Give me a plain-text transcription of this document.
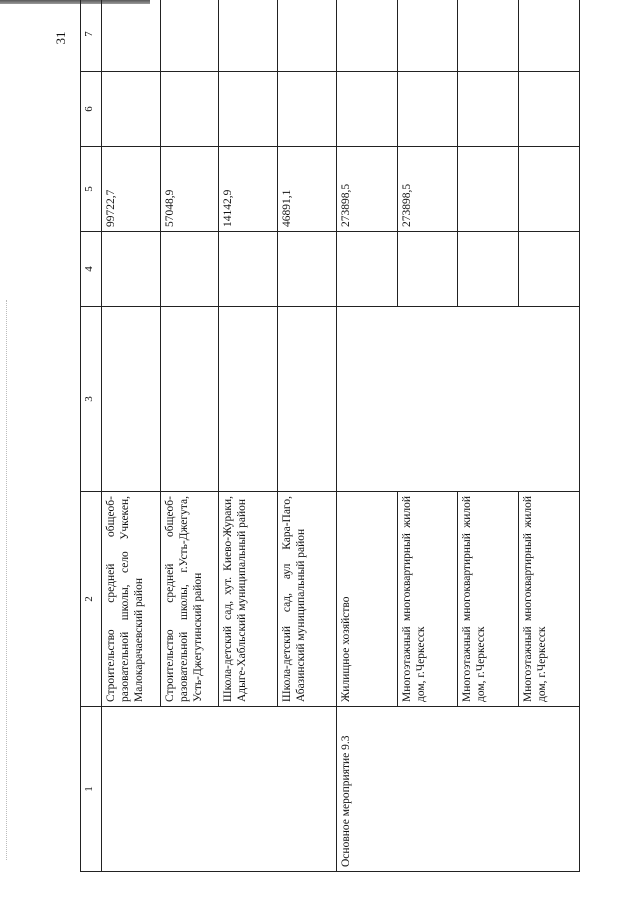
31
1	2	3	4	5	6	7
	Строительство средней общеобразовательной школы, село Учкекен, Малокарачаевский район			99722,7		
	Строительство средней общеобразовательной школы, г.Усть-Джегута, Усть-Джегутинский район			57048,9		
	Школа-детский сад, хут. Киево-Жураки, Адыге-Хабльский муниципальный район			14142,9		
	Школа-детский сад, аул Кара-Паго, Абазинский муниципальный район			46891,1		
Основное мероприятие 9.3	Жилищное хозяйство			273898,5		
	Многоэтажный многоквартирный жилой дом, г.Черкесск			273898,5		
	Многоэтажный многоквартирный жилой дом, г.Черкесск					
	Многоэтажный многоквартирный жилой дом, г.Черкесск					
